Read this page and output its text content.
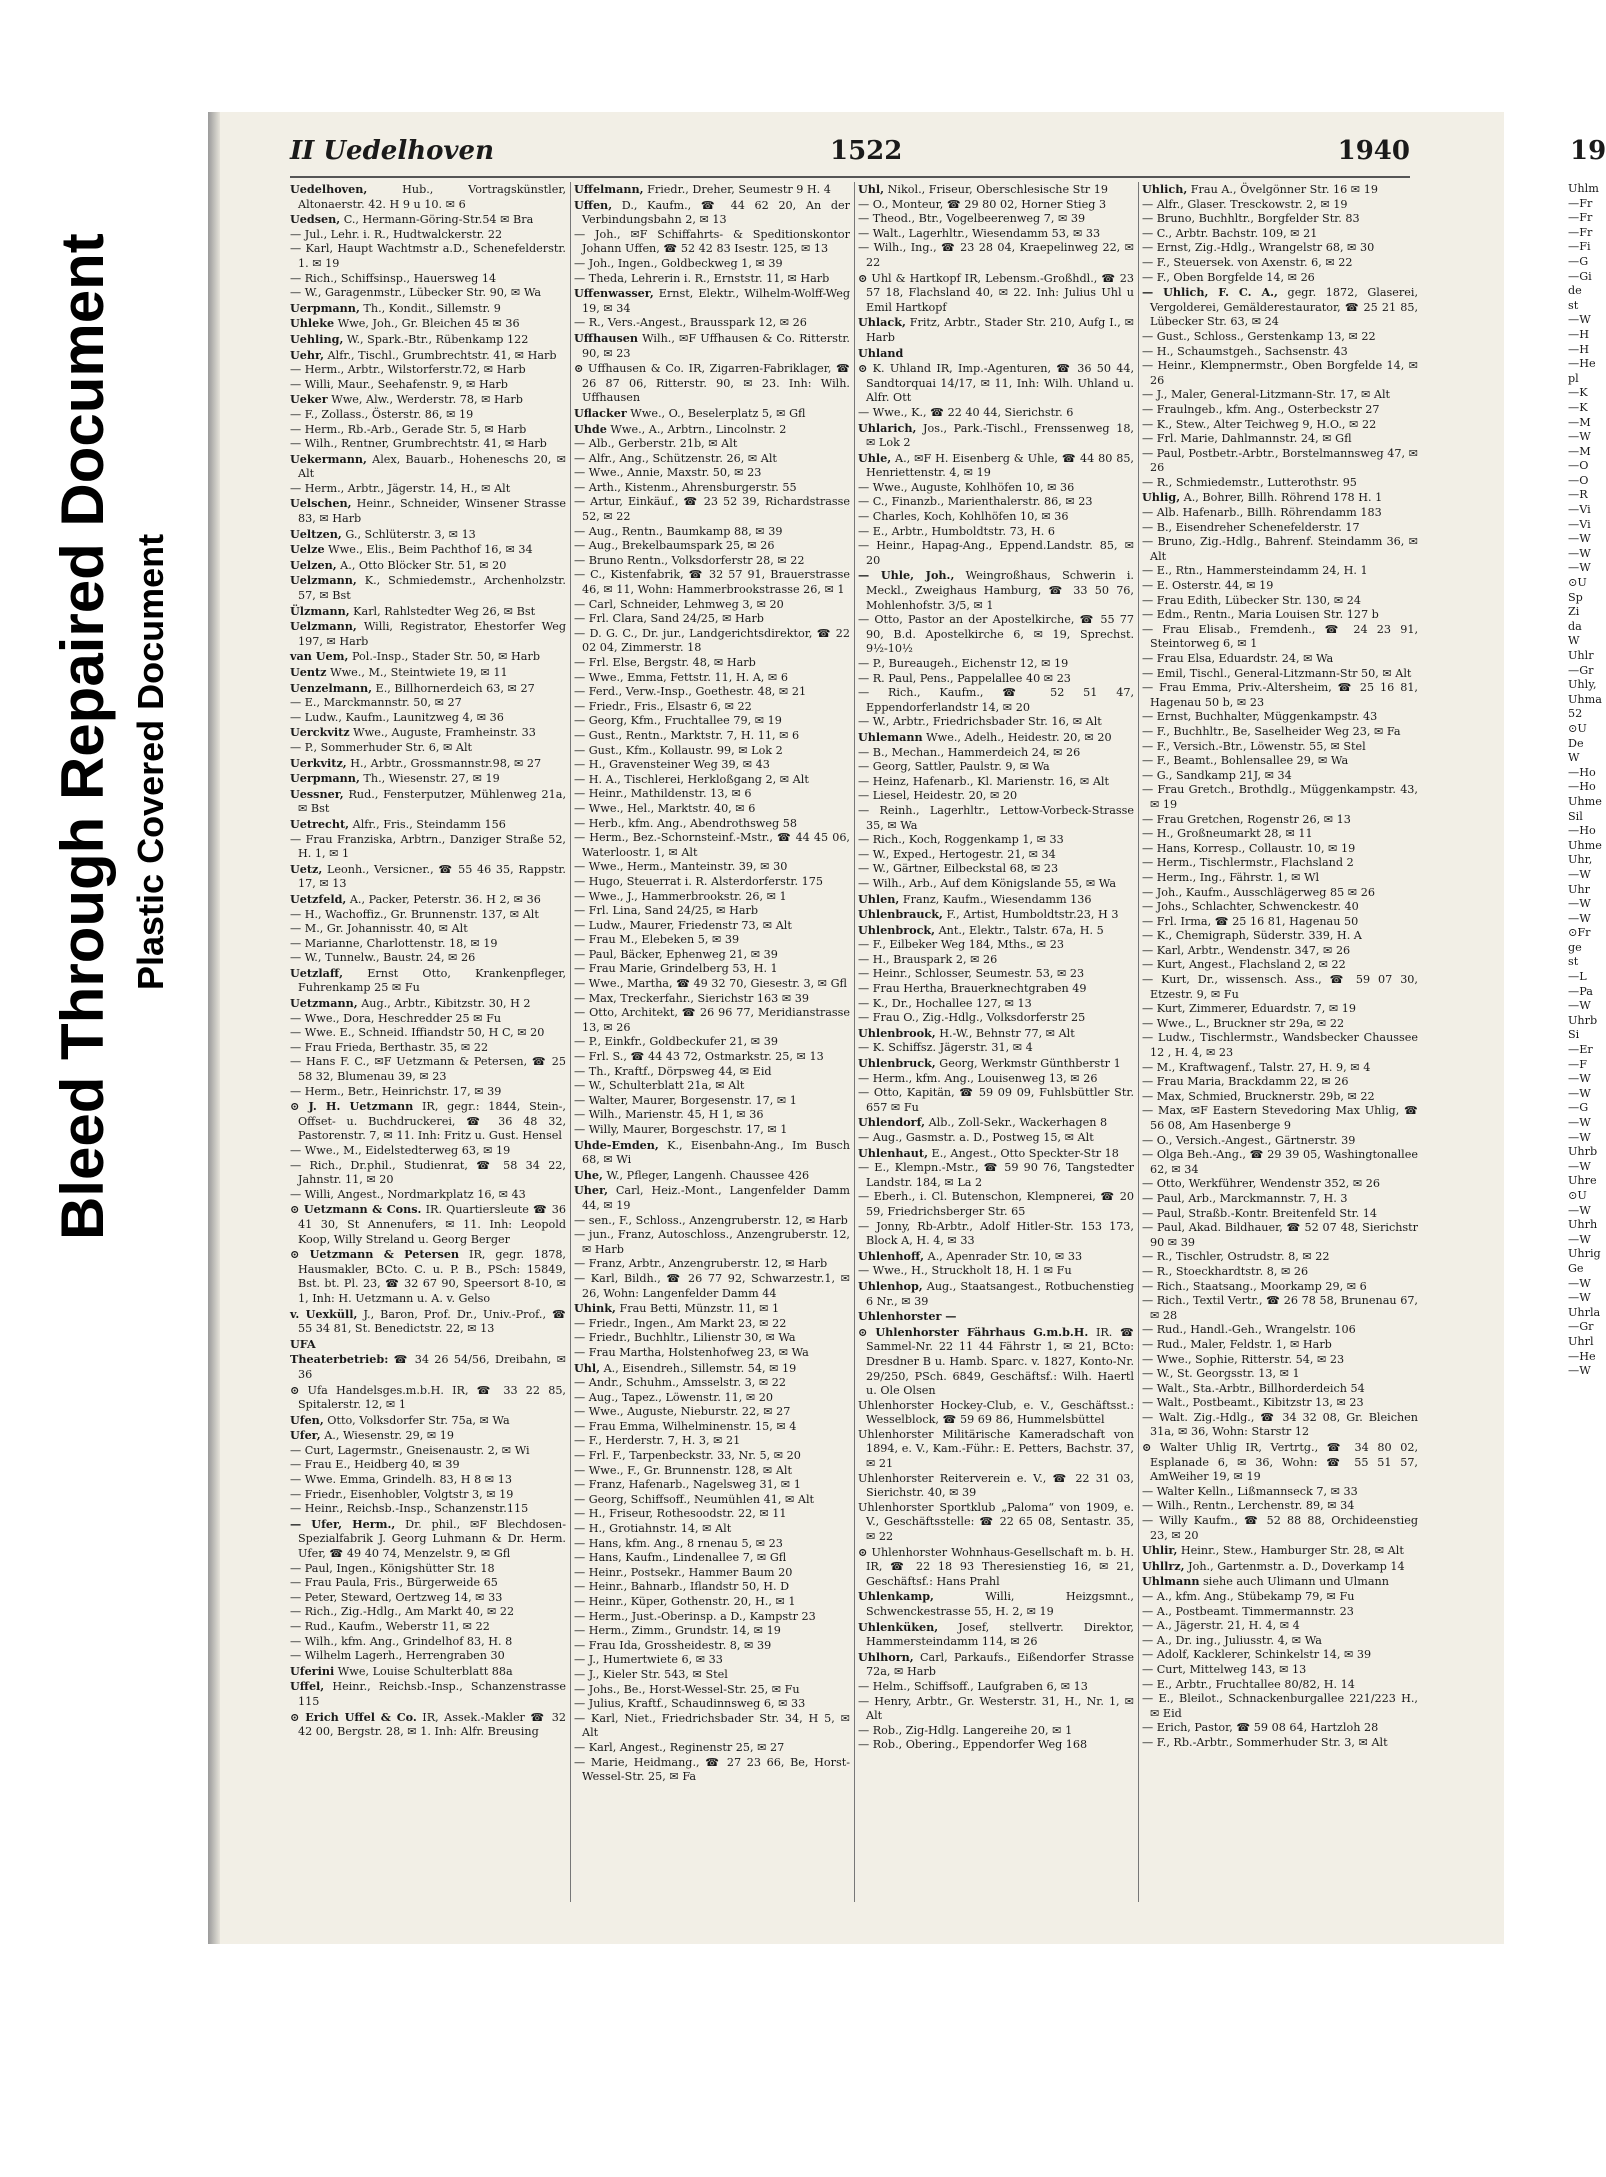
Bleed Through Repaired Document Plastic Covered Document
II Uedelhoven	1522	1940	19

Uedelhoven, Hub., Vortragskünstler, Altonaerstr. 42. H 9 u 10. ✉ 6

Uedsen, C., Hermann-Göring-Str.54 ✉ Bra

— Jul., Lehr. i. R., Hudtwalckerstr. 22

— Karl, Haupt Wachtmstr a.D., Schenefelderstr. 1. ✉ 19

— Rich., Schiffsinsp., Hauersweg 14

— W., Garagenmstr., Lübecker Str. 90, ✉ Wa

Uerpmann, Th., Kondit., Sillemstr. 9

Uhleke Wwe, Joh., Gr. Bleichen 45 ✉ 36

Uehling, W., Spark.-Btr., Rübenkamp 122

Uehr, Alfr., Tischl., Grumbrechtstr. 41, ✉ Harb

— Herm., Arbtr., Wilstorferstr.72, ✉ Harb

— Willi, Maur., Seehafenstr. 9, ✉ Harb

Ueker Wwe, Alw., Werderstr. 78, ✉ Harb

— F., Zollass., Österstr. 86, ✉ 19

— Herm., Rb.-Arb., Gerade Str. 5, ✉ Harb

— Wilh., Rentner, Grumbrechtstr. 41, ✉ Harb

Uekermann, Alex, Bauarb., Hoheneschs 20, ✉ Alt

— Herm., Arbtr., Jägerstr. 14, H., ✉ Alt

Uelschen, Heinr., Schneider, Winsener Strasse 83, ✉ Harb

Ueltzen, G., Schlüterstr. 3, ✉ 13

Uelze Wwe., Elis., Beim Pachthof 16, ✉ 34

Uelzen, A., Otto Blöcker Str. 51, ✉ 20

Uelzmann, K., Schmiedemstr., Archenholzstr. 57, ✉ Bst

Ülzmann, Karl, Rahlstedter Weg 26, ✉ Bst

Uelzmann, Willi, Registrator, Ehestorfer Weg 197, ✉ Harb

van Uem, Pol.-Insp., Stader Str. 50, ✉ Harb

Uentz Wwe., M., Steintwiete 19, ✉ 11

Uenzelmann, E., Billhornerdeich 63, ✉ 27

— E., Marckmannstr. 50, ✉ 27

— Ludw., Kaufm., Launitzweg 4, ✉ 36

Uerckvitz Wwe., Auguste, Framheinstr. 33

— P., Sommerhuder Str. 6, ✉ Alt

Uerkvitz, H., Arbtr., Grossmannstr.98, ✉ 27

Uerpmann, Th., Wiesenstr. 27, ✉ 19

Uessner, Rud., Fensterputzer, Mühlenweg 21a, ✉ Bst

Uetrecht, Alfr., Fris., Steindamm 156

— Frau Franziska, Arbtrn., Danziger Straße 52, H. 1, ✉ 1

Uetz, Leonh., Versicner., ☎ 55 46 35, Rappstr. 17, ✉ 13

Uetzfeld, A., Packer, Peterstr. 36. H 2, ✉ 36

— H., Wachoffiz., Gr. Brunnenstr. 137, ✉ Alt

— M., Gr. Johannisstr. 40, ✉ Alt

— Marianne, Charlottenstr. 18, ✉ 19

— W., Tunnelw., Baustr. 24, ✉ 26

Uetzlaff, Ernst Otto, Krankenpfleger, Fuhrenkamp 25 ✉ Fu

Uetzmann, Aug., Arbtr., Kibitzstr. 30, H 2

— Wwe., Dora, Heschredder 25 ✉ Fu

— Wwe. E., Schneid. Iffiandstr 50, H C, ✉ 20

— Frau Frieda, Berthastr. 35, ✉ 22

— Hans F. C., ✉F Uetzmann & Petersen, ☎ 25 58 32, Blumenau 39, ✉ 23

— Herm., Betr., Heinrichstr. 17, ✉ 39

⊙ J. H. Uetzmann IR, gegr.: 1844, Stein-, Offset- u. Buchdruckerei, ☎ 36 48 32, Pastorenstr. 7, ✉ 11. Inh: Fritz u. Gust. Hensel

— Wwe., M., Eidelstedterweg 63, ✉ 19

— Rich., Dr.phil., Studienrat, ☎ 58 34 22, Jahnstr. 11, ✉ 20

— Willi, Angest., Nordmarkplatz 16, ✉ 43

⊙ Uetzmann & Cons. IR. Quartiersleute ☎ 36 41 30, St Annenufers, ✉ 11. Inh: Leopold Koop, Willy Streland u. Georg Berger

⊙ Uetzmann & Petersen IR, gegr. 1878, Hausmakler, BCto. C. u. P. B., PSch: 15849, Bst. bt. Pl. 23, ☎ 32 67 90, Speersort 8-10, ✉ 1, Inh: H. Uetzmann u. A. v. Gelso

v. Uexküll, J., Baron, Prof. Dr., Univ.-Prof., ☎ 55 34 81, St. Benedictstr. 22, ✉ 13

UFA

Theaterbetrieb: ☎ 34 26 54/56, Dreibahn, ✉ 36

⊙ Ufa Handelsges.m.b.H. IR, ☎ 33 22 85, Spitalerstr. 12, ✉ 1

Ufen, Otto, Volksdorfer Str. 75a, ✉ Wa

Ufer, A., Wiesenstr. 29, ✉ 19

— Curt, Lagermstr., Gneisenaustr. 2, ✉ Wi

— Frau E., Heidberg 40, ✉ 39

— Wwe. Emma, Grindelh. 83, H 8 ✉ 13

— Friedr., Eisenhobler, Volgtstr 3, ✉ 19

— Heinr., Reichsb.-Insp., Schanzenstr.115

— Ufer, Herm., Dr. phil., ✉F Blechdosen-Spezialfabrik J. Georg Luhmann & Dr. Herm. Ufer, ☎ 49 40 74, Menzelstr. 9, ✉ Gfl

— Paul, Ingen., Königshütter Str. 18

— Frau Paula, Fris., Bürgerweide 65

— Peter, Steward, Oertzweg 14, ✉ 33

— Rich., Zig.-Hdlg., Am Markt 40, ✉ 22

— Rud., Kaufm., Weberstr 11, ✉ 22

— Wilh., kfm. Ang., Grindelhof 83, H. 8

— Wilhelm Lagerh., Herrengraben 30

Uferini Wwe, Louise Schulterblatt 88a

Uffel, Heinr., Reichsb.-Insp., Schanzenstrasse 115

⊙ Erich Uffel & Co. IR, Assek.-Makler ☎ 32 42 00, Bergstr. 28, ✉ 1. Inh: Alfr. Breusing

Uffelmann, Friedr., Dreher, Seumestr 9 H. 4

Uffen, D., Kaufm., ☎ 44 62 20, An der Verbindungsbahn 2, ✉ 13

— Joh., ✉F Schiffahrts- & Speditionskontor Johann Uffen, ☎ 52 42 83 Isestr. 125, ✉ 13

— Joh., Ingen., Goldbeckweg 1, ✉ 39

— Theda, Lehrerin i. R., Ernststr. 11, ✉ Harb

Uffenwasser, Ernst, Elektr., Wilhelm-Wolff-Weg 19, ✉ 34

— R., Vers.-Angest., Brausspark 12, ✉ 26

Uffhausen Wilh., ✉F Uffhausen & Co. Ritterstr. 90, ✉ 23

⊙ Uffhausen & Co. IR, Zigarren-Fabriklager, ☎ 26 87 06, Ritterstr. 90, ✉ 23. Inh: Wilh. Uffhausen

Uflacker Wwe., O., Beselerplatz 5, ✉ Gfl

Uhde Wwe., A., Arbtrn., Lincolnstr. 2

— Alb., Gerberstr. 21b, ✉ Alt

— Alfr., Ang., Schützenstr. 26, ✉ Alt

— Wwe., Annie, Maxstr. 50, ✉ 23

— Arth., Kistenm., Ahrensburgerstr. 55

— Artur, Einkäuf., ☎ 23 52 39, Richardstrasse 52, ✉ 22

— Aug., Rentn., Baumkamp 88, ✉ 39

— Aug., Brekelbaumspark 25, ✉ 26

— Bruno Rentn., Volksdorferstr 28, ✉ 22

— C., Kistenfabrik, ☎ 32 57 91, Brauerstrasse 46, ✉ 11, Wohn: Hammerbrookstrasse 26, ✉ 1

— Carl, Schneider, Lehmweg 3, ✉ 20

— Frl. Clara, Sand 24/25, ✉ Harb

— D. G. C., Dr. jur., Landgerichtsdirektor, ☎ 22 02 04, Zimmerstr. 18

— Frl. Else, Bergstr. 48, ✉ Harb

— Wwe., Emma, Fettstr. 11, H. A, ✉ 6

— Ferd., Verw.-Insp., Goethestr. 48, ✉ 21

— Friedr., Fris., Elsastr 6, ✉ 22

— Georg, Kfm., Fruchtallee 79, ✉ 19

— Gust., Rentn., Marktstr. 7, H. 11, ✉ 6

— Gust., Kfm., Kollaustr. 99, ✉ Lok 2

— H., Gravensteiner Weg 39, ✉ 43

— H. A., Tischlerei, Herkloßgang 2, ✉ Alt

— Heinr., Mathildenstr. 13, ✉ 6

— Wwe., Hel., Marktstr. 40, ✉ 6

— Herb., kfm. Ang., Abendrothsweg 58

— Herm., Bez.-Schornsteinf.-Mstr., ☎ 44 45 06, Waterloostr. 1, ✉ Alt

— Wwe., Herm., Manteinstr. 39, ✉ 30

— Hugo, Steuerrat i. R. Alsterdorferstr. 175

— Wwe., J., Hammerbrookstr. 26, ✉ 1

— Frl. Lina, Sand 24/25, ✉ Harb

— Ludw., Maurer, Friedenstr 73, ✉ Alt

— Frau M., Elebeken 5, ✉ 39

— Paul, Bäcker, Ephenweg 21, ✉ 39

— Frau Marie, Grindelberg 53, H. 1

— Wwe., Martha, ☎ 49 32 70, Giesestr. 3, ✉ Gfl

— Max, Treckerfahr., Sierichstr 163 ✉ 39

— Otto, Architekt, ☎ 26 96 77, Meridianstrasse 13, ✉ 26

— P., Einkfr., Goldbeckufer 21, ✉ 39

— Frl. S., ☎ 44 43 72, Ostmarkstr. 25, ✉ 13

— Th., Kraftf., Dörpsweg 44, ✉ Eid

— W., Schulterblatt 21a, ✉ Alt

— Walter, Maurer, Borgesenstr. 17, ✉ 1

— Wilh., Marienstr. 45, H 1, ✉ 36

— Willy, Maurer, Borgeschstr. 17, ✉ 1

Uhde-Emden, K., Eisenbahn-Ang., Im Busch 68, ✉ Wi

Uhe, W., Pfleger, Langenh. Chaussee 426

Uher, Carl, Heiz.-Mont., Langenfelder Damm 44, ✉ 19

— sen., F., Schloss., Anzengruberstr. 12, ✉ Harb

— jun., Franz, Autoschloss., Anzengruberstr. 12, ✉ Harb

— Franz, Arbtr., Anzengruberstr. 12, ✉ Harb

— Karl, Bildh., ☎ 26 77 92, Schwarzestr.1, ✉ 26, Wohn: Langenfelder Damm 44

Uhink, Frau Betti, Münzstr. 11, ✉ 1

— Friedr., Ingen., Am Markt 23, ✉ 22

— Friedr., Buchhltr., Lilienstr 30, ✉ Wa

— Frau Martha, Holstenhofweg 23, ✉ Wa

Uhl, A., Eisendreh., Sillemstr. 54, ✉ 19

— Andr., Schuhm., Amsselstr. 3, ✉ 22

— Aug., Tapez., Löwenstr. 11, ✉ 20

— Wwe., Auguste, Nieburstr. 22, ✉ 27

— Frau Emma, Wilhelminenstr. 15, ✉ 4

— F., Herderstr. 7, H. 3, ✉ 21

— Frl. F., Tarpenbeckstr. 33, Nr. 5, ✉ 20

— Wwe., F., Gr. Brunnenstr. 128, ✉ Alt

— Franz, Hafenarb., Nagelsweg 31, ✉ 1

— Georg, Schiffsoff., Neumühlen 41, ✉ Alt

— H., Friseur, Rothesoodstr. 22, ✉ 11

— H., Grotiahnstr. 14, ✉ Alt

— Hans, kfm. Ang., 8 rnenau 5, ✉ 23

— Hans, Kaufm., Lindenallee 7, ✉ Gfl

— Heinr., Postsekr., Hammer Baum 20

— Heinr., Bahnarb., Iflandstr 50, H. D

— Heinr., Küper, Gothenstr. 20, H., ✉ 1

— Herm., Just.-Oberinsp. a D., Kampstr 23

— Herm., Zimm., Grundstr. 14, ✉ 19

— Frau Ida, Grossheidestr. 8, ✉ 39

— J., Humertwiete 6, ✉ 33

— J., Kieler Str. 543, ✉ Stel

— Johs., Be., Horst-Wessel-Str. 25, ✉ Fu

— Julius, Kraftf., Schaudinnsweg 6, ✉ 33

— Karl, Niet., Friedrichsbader Str. 34, H 5, ✉ Alt

— Karl, Angest., Reginenstr 25, ✉ 27

— Marie, Heidmang., ☎ 27 23 66, Be, Horst-Wessel-Str. 25, ✉ Fa

Uhl, Nikol., Friseur, Oberschlesische Str 19

— O., Monteur, ☎ 29 80 02, Horner Stieg 3

— Theod., Btr., Vogelbeerenweg 7, ✉ 39

— Walt., Lagerhltr., Wiesendamm 53, ✉ 33

— Wilh., Ing., ☎ 23 28 04, Kraepelinweg 22, ✉ 22

⊙ Uhl & Hartkopf IR, Lebensm.-Großhdl., ☎ 23 57 18, Flachsland 40, ✉ 22. Inh: Julius Uhl u Emil Hartkopf

Uhlack, Fritz, Arbtr., Stader Str. 210, Aufg I., ✉ Harb

Uhland

⊙ K. Uhland IR, Imp.-Agenturen, ☎ 36 50 44, Sandtorquai 14/17, ✉ 11, Inh: Wilh. Uhland u. Alfr. Ott

— Wwe., K., ☎ 22 40 44, Sierichstr. 6

Uhlarich, Jos., Park.-Tischl., Frenssenweg 18, ✉ Lok 2

Uhle, A., ✉F H. Eisenberg & Uhle, ☎ 44 80 85, Henriettenstr. 4, ✉ 19

— Wwe., Auguste, Kohlhöfen 10, ✉ 36

— C., Finanzb., Marienthalerstr. 86, ✉ 23

— Charles, Koch, Kohlhöfen 10, ✉ 36

— E., Arbtr., Humboldtstr. 73, H. 6

— Heinr., Hapag-Ang., Eppend.Landstr. 85, ✉ 20

— Uhle, Joh., Weingroßhaus, Schwerin i. Meckl., Zweighaus Hamburg, ☎ 33 50 76, Mohlenhofstr. 3/5, ✉ 1

— Otto, Pastor an der Apostelkirche, ☎ 55 77 90, B.d. Apostelkirche 6, ✉ 19, Sprechst. 9½-10½

— P., Bureaugeh., Eichenstr 12, ✉ 19

— R. Paul, Pens., Pappelallee 40 ✉ 23

— Rich., Kaufm., ☎ 52 51 47, Eppendorferlandstr 14, ✉ 20

— W., Arbtr., Friedrichsbader Str. 16, ✉ Alt

Uhlemann Wwe., Adelh., Heidestr. 20, ✉ 20

— B., Mechan., Hammerdeich 24, ✉ 26

— Georg, Sattler, Paulstr. 9, ✉ Wa

— Heinz, Hafenarb., Kl. Marienstr. 16, ✉ Alt

— Liesel, Heidestr. 20, ✉ 20

— Reinh., Lagerhltr., Lettow-Vorbeck-Strasse 35, ✉ Wa

— Rich., Koch, Roggenkamp 1, ✉ 33

— W., Exped., Hertogestr. 21, ✉ 34

— W., Gärtner, Eilbeckstal 68, ✉ 23

— Wilh., Arb., Auf dem Königslande 55, ✉ Wa

Uhlen, Franz, Kaufm., Wiesendamm 136

Uhlenbrauck, F., Artist, Humboldtstr.23, H 3

Uhlenbrock, Ant., Elektr., Talstr. 67a, H. 5

— F., Eilbeker Weg 184, Mths., ✉ 23

— H., Brauspark 2, ✉ 26

— Heinr., Schlosser, Seumestr. 53, ✉ 23

— Frau Hertha, Brauerknechtgraben 49

— K., Dr., Hochallee 127, ✉ 13

— Frau O., Zig.-Hdlg., Volksdorferstr 25

Uhlenbrook, H.-W., Behnstr 77, ✉ Alt

— K. Schiffsz. Jägerstr. 31, ✉ 4

Uhlenbruck, Georg, Werkmstr Günthberstr 1

— Herm., kfm. Ang., Louisenweg 13, ✉ 26

— Otto, Kapitän, ☎ 59 09 09, Fuhlsbüttler Str. 657 ✉ Fu

Uhlendorf, Alb., Zoll-Sekr., Wackerhagen 8

— Aug., Gasmstr. a. D., Postweg 15, ✉ Alt

Uhlenhaut, E., Angest., Otto Speckter-Str 18

— E., Klempn.-Mstr., ☎ 59 90 76, Tangstedter Landstr. 184, ✉ La 2

— Eberh., i. Cl. Butenschon, Klempnerei, ☎ 20 59, Friedrichsberger Str. 65

— Jonny, Rb-Arbtr., Adolf Hitler-Str. 153 173, Block A, H. 4, ✉ 33

Uhlenhoff, A., Apenrader Str. 10, ✉ 33

— Wwe., H., Struckholt 18, H. 1 ✉ Fu

Uhlenhop, Aug., Staatsangest., Rotbuchenstieg 6 Nr., ✉ 39

Uhlenhorster —

⊙ Uhlenhorster Fährhaus G.m.b.H. IR. ☎ Sammel-Nr. 22 11 44 Fährstr 1, ✉ 21, BCto: Dresdner B u. Hamb. Sparc. v. 1827, Konto-Nr. 29/250, PSch. 6849, Geschäftsf.: Wilh. Haertl u. Ole Olsen

Uhlenhorster Hockey-Club, e. V., Geschäftsst.: Wesselblock, ☎ 59 69 86, Hummelsbüttel

Uhlenhorster Militärische Kameradschaft von 1894, e. V., Kam.-Führ.: E. Petters, Bachstr. 37, ✉ 21

Uhlenhorster Reiterverein e. V., ☎ 22 31 03, Sierichstr. 40, ✉ 39

Uhlenhorster Sportklub „Paloma“ von 1909, e. V., Geschäftsstelle: ☎ 22 65 08, Sentastr. 35, ✉ 22

⊙ Uhlenhorster Wohnhaus-Gesellschaft m. b. H. IR, ☎ 22 18 93 Theresienstieg 16, ✉ 21, Geschäftsf.: Hans Prahl

Uhlenkamp, Willi, Heizgsmnt., Schwenckestrasse 55, H. 2, ✉ 19

Uhlenküken, Josef, stellvertr. Direktor, Hammersteindamm 114, ✉ 26

Uhlhorn, Carl, Parkaufs., Eißendorfer Strasse 72a, ✉ Harb

— Helm., Schiffsoff., Laufgraben 6, ✉ 13

— Henry, Arbtr., Gr. Westerstr. 31, H., Nr. 1, ✉ Alt

— Rob., Zig-Hdlg. Langereihe 20, ✉ 1

— Rob., Obering., Eppendorfer Weg 168

Uhlich, Frau A., Övelgönner Str. 16 ✉ 19

— Alfr., Glaser. Tresckowstr. 2, ✉ 19

— Bruno, Buchhltr., Borgfelder Str. 83

— C., Arbtr. Bachstr. 109, ✉ 21

— Ernst, Zig.-Hdlg., Wrangelstr 68, ✉ 30

— F., Steuersek. von Axenstr. 6, ✉ 22

— F., Oben Borgfelde 14, ✉ 26

— Uhlich, F. C. A., gegr. 1872, Glaserei, Vergolderei, Gemälderestaurator, ☎ 25 21 85, Lübecker Str. 63, ✉ 24

— Gust., Schloss., Gerstenkamp 13, ✉ 22

— H., Schaumstgeh., Sachsenstr. 43

— Heinr., Klempnermstr., Oben Borgfelde 14, ✉ 26

— J., Maler, General-Litzmann-Str. 17, ✉ Alt

— Fraulngeb., kfm. Ang., Osterbeckstr 27

— K., Stew., Alter Teichweg 9, H.O., ✉ 22

— Frl. Marie, Dahlmannstr. 24, ✉ Gfl

— Paul, Postbetr.-Arbtr., Borstelmannsweg 47, ✉ 26

— R., Schmiedemstr., Lutterothstr. 95

Uhlig, A., Bohrer, Billh. Röhrend 178 H. 1

— Alb. Hafenarb., Billh. Röhrendamm 183

— B., Eisendreher Schenefelderstr. 17

— Bruno, Zig.-Hdlg., Bahrenf. Steindamm 36, ✉ Alt

— E., Rtn., Hammersteindamm 24, H. 1

— E. Osterstr. 44, ✉ 19

— Frau Edith, Lübecker Str. 130, ✉ 24

— Edm., Rentn., Maria Louisen Str. 127 b

— Frau Elisab., Fremdenh., ☎ 24 23 91, Steintorweg 6, ✉ 1

— Frau Elsa, Eduardstr. 24, ✉ Wa

— Emil, Tischl., General-Litzmann-Str 50, ✉ Alt

— Frau Emma, Priv.-Altersheim, ☎ 25 16 81, Hagenau 50 b, ✉ 23

— Ernst, Buchhalter, Müggenkampstr. 43

— F., Buchhltr., Be, Saselheider Weg 23, ✉ Fa

— F., Versich.-Btr., Löwenstr. 55, ✉ Stel

— F., Beamt., Bohlensallee 29, ✉ Wa

— G., Sandkamp 21J, ✉ 34

— Frau Gretch., Brothdlg., Müggenkampstr. 43, ✉ 19

— Frau Gretchen, Rogenstr 26, ✉ 13

— H., Großneumarkt 28, ✉ 11

— Hans, Korresp., Collaustr. 10, ✉ 19

— Herm., Tischlermstr., Flachsland 2

— Herm., Ing., Fährstr. 1, ✉ Wl

— Joh., Kaufm., Ausschlägerweg 85 ✉ 26

— Johs., Schlachter, Schwenckestr. 40

— Frl. Irma, ☎ 25 16 81, Hagenau 50

— K., Chemigraph, Süderstr. 339, H. A

— Karl, Arbtr., Wendenstr. 347, ✉ 26

— Kurt, Angest., Flachsland 2, ✉ 22

— Kurt, Dr., wissensch. Ass., ☎ 59 07 30, Etzestr. 9, ✉ Fu

— Kurt, Zimmerer, Eduardstr. 7, ✉ 19

— Wwe., L., Bruckner str 29a, ✉ 22

— Ludw., Tischlermstr., Wandsbecker Chaussee 12 , H. 4, ✉ 23

— M., Kraftwagenf., Talstr. 27, H. 9, ✉ 4

— Frau Maria, Brackdamm 22, ✉ 26

— Max, Schmied, Brucknerstr. 29b, ✉ 22

— Max, ✉F Eastern Stevedoring Max Uhlig, ☎ 56 08, Am Hasenberge 9

— O., Versich.-Angest., Gärtnerstr. 39

— Olga Beh.-Ang., ☎ 29 39 05, Washingtonallee 62, ✉ 34

— Otto, Werkführer, Wendenstr 352, ✉ 26

— Paul, Arb., Marckmannstr. 7, H. 3

— Paul, Straßb.-Kontr. Breitenfeld Str. 14

— Paul, Akad. Bildhauer, ☎ 52 07 48, Sierichstr 90 ✉ 39

— R., Tischler, Ostrudstr. 8, ✉ 22

— R., Stoeckhardtstr. 8, ✉ 26

— Rich., Staatsang., Moorkamp 29, ✉ 6

— Rich., Textil Vertr., ☎ 26 78 58, Brunenau 67, ✉ 28

— Rud., Handl.-Geh., Wrangelstr. 106

— Rud., Maler, Feldstr. 1, ✉ Harb

— Wwe., Sophie, Ritterstr. 54, ✉ 23

— W., St. Georgsstr. 13, ✉ 1

— Walt., Sta.-Arbtr., Billhorderdeich 54

— Walt., Postbeamt., Kibitzstr 13, ✉ 23

— Walt. Zig.-Hdlg., ☎ 34 32 08, Gr. Bleichen 31a, ✉ 36, Wohn: Starstr 12

⊙ Walter Uhlig IR, Vertrtg., ☎ 34 80 02, Esplanade 6, ✉ 36, Wohn: ☎ 55 51 57, AmWeiher 19, ✉ 19

— Walter Kelln., Lißmannseck 7, ✉ 33

— Wilh., Rentn., Lerchenstr. 89, ✉ 34

— Willy Kaufm., ☎ 52 88 88, Orchideenstieg 23, ✉ 20

Uhlir, Heinr., Stew., Hamburger Str. 28, ✉ Alt

Uhllrz, Joh., Gartenmstr. a. D., Doverkamp 14

Uhlmann siehe auch Ulimann und Ulmann

— A., kfm. Ang., Stübekamp 79, ✉ Fu

— A., Postbeamt. Timmermannstr. 23

— A., Jägerstr. 21, H. 4, ✉ 4

— A., Dr. ing., Juliusstr. 4, ✉ Wa

— Adolf, Kacklerer, Schinkelstr 14, ✉ 39

— Curt, Mittelweg 143, ✉ 13

— E., Arbtr., Fruchtallee 80/82, H. 14

— E., Bleilot., Schnackenburgallee 221/223 H., ✉ Eid

— Erich, Pastor, ☎ 59 08 64, Hartzloh 28

— F., Rb.-Arbtr., Sommerhuder Str. 3, ✉ Alt

Uhlm
—Fr
—Fr
—Fr
—Fi
—G
—Gi
de
st
—W
—H
—H
—He
pl
—K
—K
—M
—W
—M
—O
—O
—R
—Vi
—Vi
—W
—W
—W
⊙U
Sp
Zi
da
W
Uhlr
—Gr
Uhly,
Uhma
52
⊙U
De
W
—Ho
—Ho
Uhme
Sil
—Ho
Uhme
Uhr,
—W
Uhr
—W
—W
⊙Fr
ge
st
—L
—Pa
—W
Uhrb
Si
—Er
—F
—W
—W
—G
—W
—W
Uhrb
—W
Uhre
⊙U
—W
Uhrh
—W
Uhrig
Ge
—W
—W
Uhrla
—Gr
Uhrl
—He
—W
